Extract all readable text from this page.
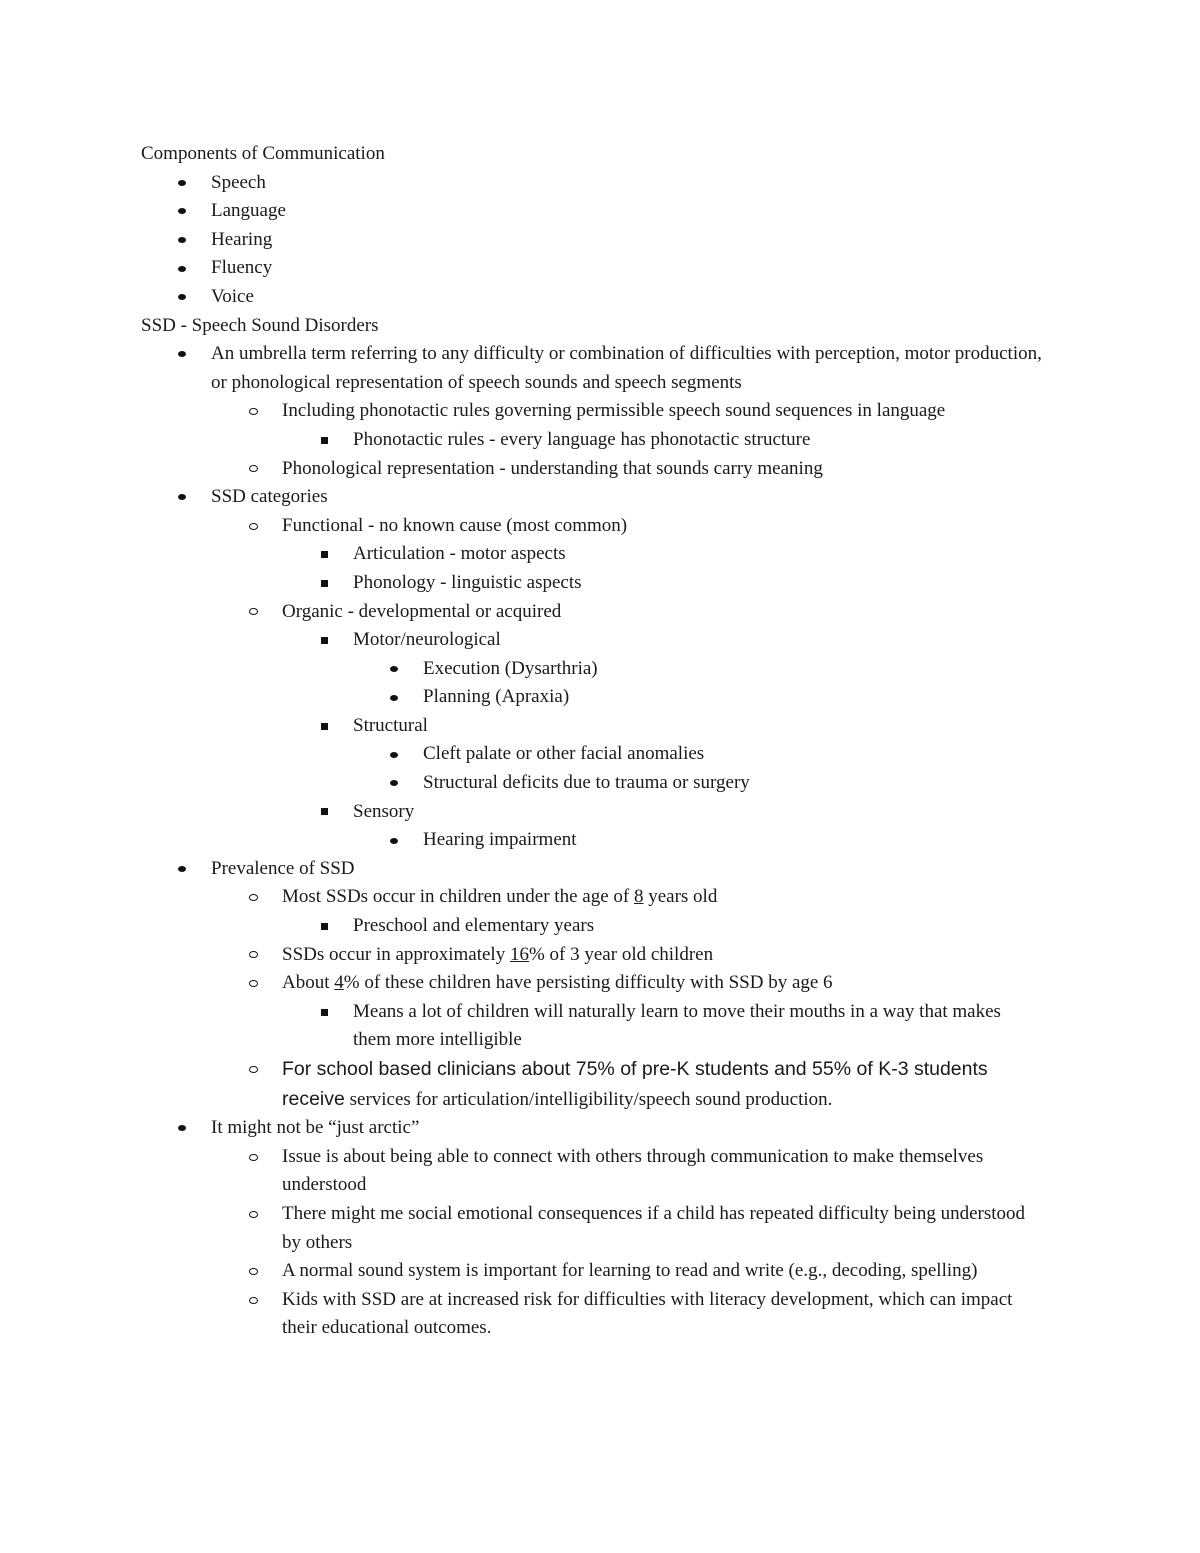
Components of Communication
Speech
Language
Hearing
Fluency
Voice
SSD - Speech Sound Disorders
An umbrella term referring to any difficulty or combination of difficulties with perception, motor production, or phonological representation of speech sounds and speech segments
Including phonotactic rules governing permissible speech sound sequences in language
Phonotactic rules - every language has phonotactic structure
Phonological representation - understanding that sounds carry meaning
SSD categories
Functional - no known cause (most common)
Articulation - motor aspects
Phonology - linguistic aspects
Organic - developmental or acquired
Motor/neurological
Execution (Dysarthria)
Planning (Apraxia)
Structural
Cleft palate or other facial anomalies
Structural deficits due to trauma or surgery
Sensory
Hearing impairment
Prevalence of SSD
Most SSDs occur in children under the age of 8 years old
Preschool and elementary years
SSDs occur in approximately 16% of 3 year old children
About 4% of these children have persisting difficulty with SSD by age 6
Means a lot of children will naturally learn to move their mouths in a way that makes them more intelligible
For school based clinicians about 75% of pre-K students and 55% of K-3 students receive services for articulation/intelligibility/speech sound production.
It might not be “just arctic”
Issue is about being able to connect with others through communication to make themselves understood
There might me social emotional consequences if a child has repeated difficulty being understood by others
A normal sound system is important for learning to read and write (e.g., decoding, spelling)
Kids with SSD are at increased risk for difficulties with literacy development, which can impact their educational outcomes.
